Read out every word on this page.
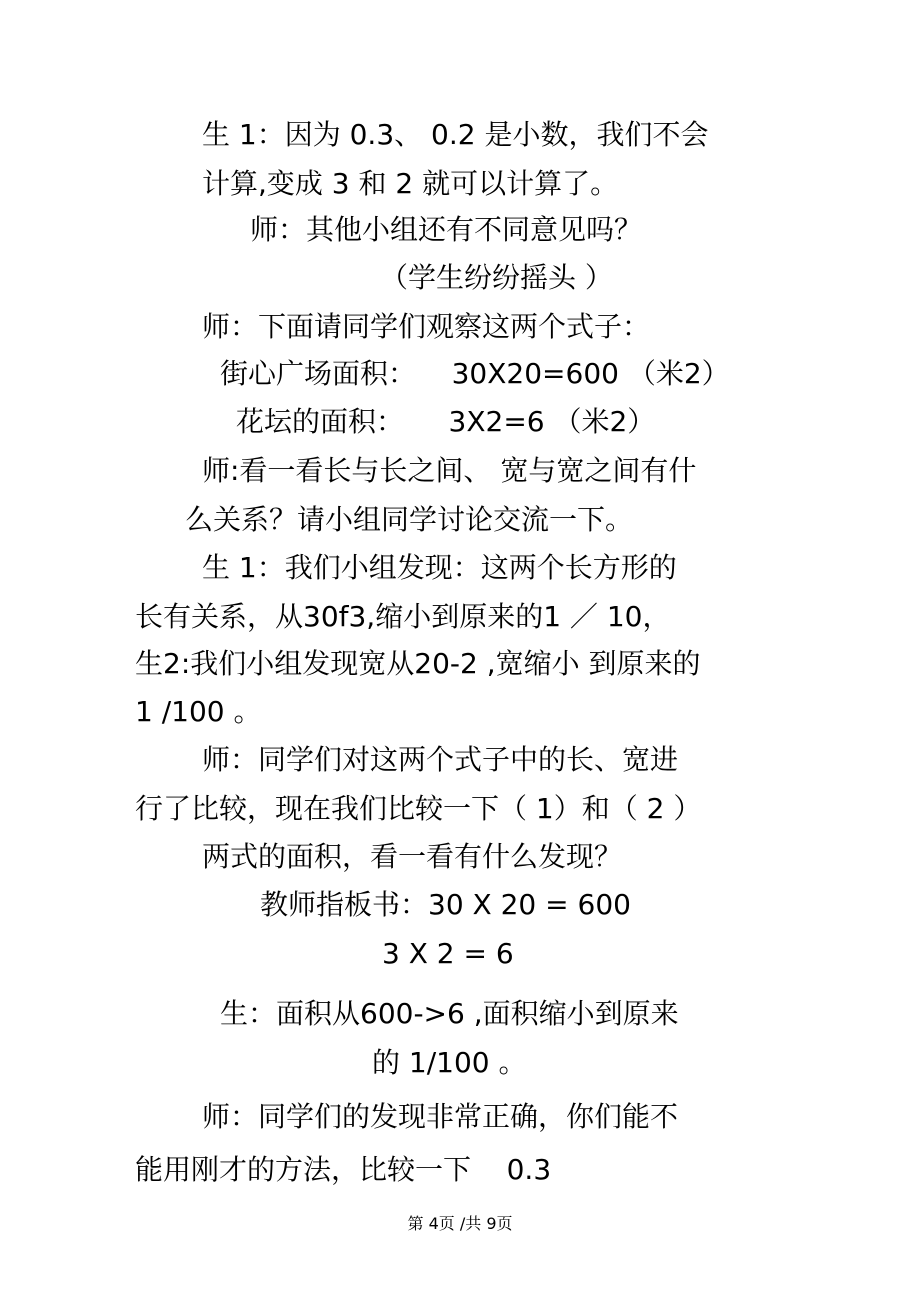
生 1：因为 0.3、 0.2 是小数，我们不会
计算,变成 3 和 2 就可以计算了。
师：其他小组还有不同意见吗？
（学生纷纷摇头 ）
师：下面请同学们观察这两个式子：
街心广场面积：    30X20=600 （米2）
花坛的面积：     3X2=6 （米2）
师:看一看长与长之间、 宽与宽之间有什
么关系？请小组同学讨论交流一下。
生 1：我们小组发现：这两个长方形的
长有关系，从30f3,缩小到原来的1 ／ 10，
生2:我们小组发现宽从20-2 ,宽缩小 到原来的
1 /100 。
师：同学们对这两个式子中的长、宽进
行了比较，现在我们比较一下（ 1）和（ 2 ）
两式的面积，看一看有什么发现？
教师指板书：30 X 20 = 600
3 X 2 = 6
生：面积从600->6 ,面积缩小到原来
的 1/100 。
师：同学们的发现非常正确，你们能不
能用刚才的方法，比较一下    0.3
第 4页 /共 9页
